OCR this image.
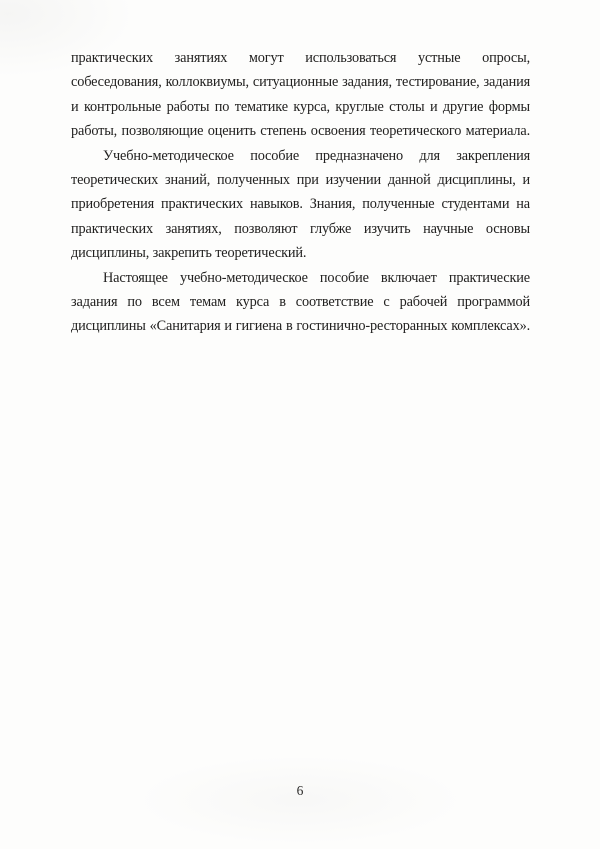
практических занятиях могут использоваться устные опросы,
собеседования, коллоквиумы, ситуационные задания, тестирование, задания
и контрольные работы по тематике курса, круглые столы и другие формы
работы, позволяющие оценить степень освоения теоретического материала.
Учебно-методическое пособие предназначено для закрепления
теоретических знаний, полученных при изучении данной дисциплины, и
приобретения практических навыков. Знания, полученные студентами на
практических занятиях, позволяют глубже изучить научные основы
дисциплины, закрепить теоретический.
Настоящее учебно-методическое пособие включает практические
задания по всем темам курса в соответствие с рабочей программой
дисциплины «Санитария и гигиена в гостинично-ресторанных комплексах».
6
